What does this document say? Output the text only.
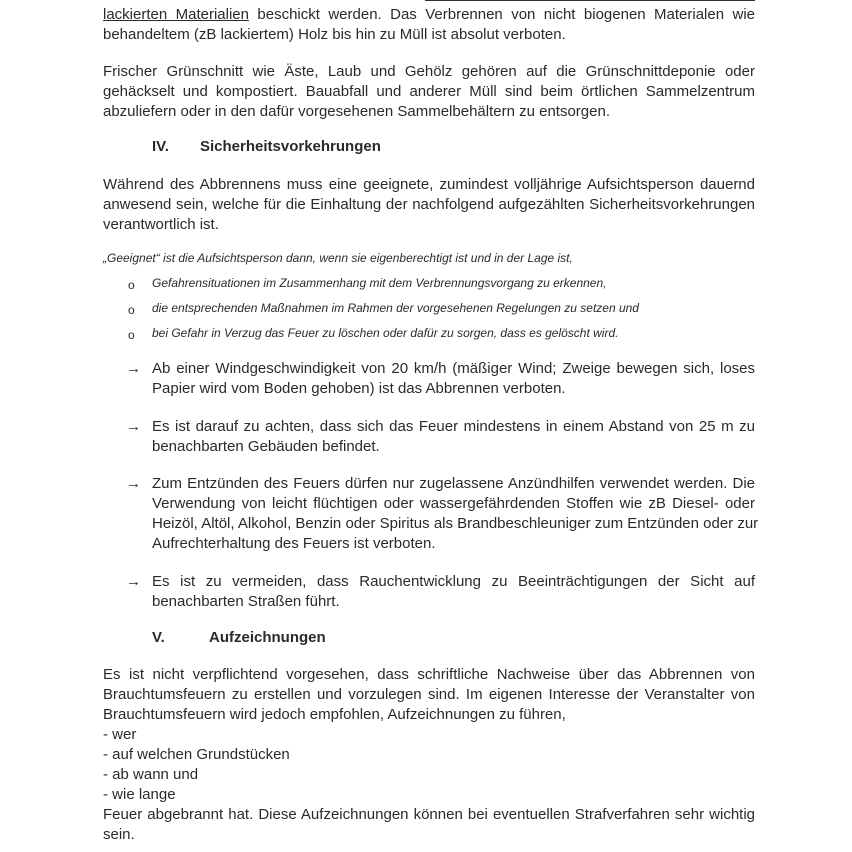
lackierten Materialien beschickt werden. Das Verbrennen von nicht biogenen Materialen wie
behandeltem (zB lackiertem) Holz bis hin zu Müll ist absolut verboten.
Frischer Grünschnitt wie Äste, Laub und Gehölz gehören auf die Grünschnittdeponie oder
gehäckselt und kompostiert. Bauabfall und anderer Müll sind beim örtlichen Sammelzentrum
abzuliefern oder in den dafür vorgesehenen Sammelbehältern zu entsorgen.
IV. Sicherheitsvorkehrungen
Während des Abbrennens muss eine geeignete, zumindest volljährige Aufsichtsperson dauernd
anwesend sein, welche für die Einhaltung der nachfolgend aufgezählten Sicherheitsvorkehrungen
verantwortlich ist.
„Geeignet“ ist die Aufsichtsperson dann, wenn sie eigenberechtigt ist und in der Lage ist,
o Gefahrensituationen im Zusammenhang mit dem Verbrennungsvorgang zu erkennen,
o die entsprechenden Maßnahmen im Rahmen der vorgesehenen Regelungen zu setzen und
o bei Gefahr in Verzug das Feuer zu löschen oder dafür zu sorgen, dass es gelöscht wird.
→ Ab einer Windgeschwindigkeit von 20 km/h (mäßiger Wind; Zweige bewegen sich, loses
Papier wird vom Boden gehoben) ist das Abbrennen verboten.
→ Es ist darauf zu achten, dass sich das Feuer mindestens in einem Abstand von 25 m zu
benachbarten Gebäuden befindet.
→ Zum Entzünden des Feuers dürfen nur zugelassene Anzündhilfen verwendet werden. Die
Verwendung von leicht flüchtigen oder wassergefährdenden Stoffen wie zB Diesel- oder
Heizöl, Altöl, Alkohol, Benzin oder Spiritus als Brandbeschleuniger zum Entzünden oder zur
Aufrechterhaltung des Feuers ist verboten.
→ Es ist zu vermeiden, dass Rauchentwicklung zu Beeinträchtigungen der Sicht auf
benachbarten Straßen führt.
V.	Aufzeichnungen
Es ist nicht verpflichtend vorgesehen, dass schriftliche Nachweise über das Abbrennen von
Brauchtumsfeuern zu erstellen und vorzulegen sind. Im eigenen Interesse der Veranstalter von
Brauchtumsfeuern wird jedoch empfohlen, Aufzeichnungen zu führen,
- wer
- auf welchen Grundstücken
- ab wann und
- wie lange
Feuer abgebrannt hat. Diese Aufzeichnungen können bei eventuellen Strafverfahren sehr wichtig
sein.
